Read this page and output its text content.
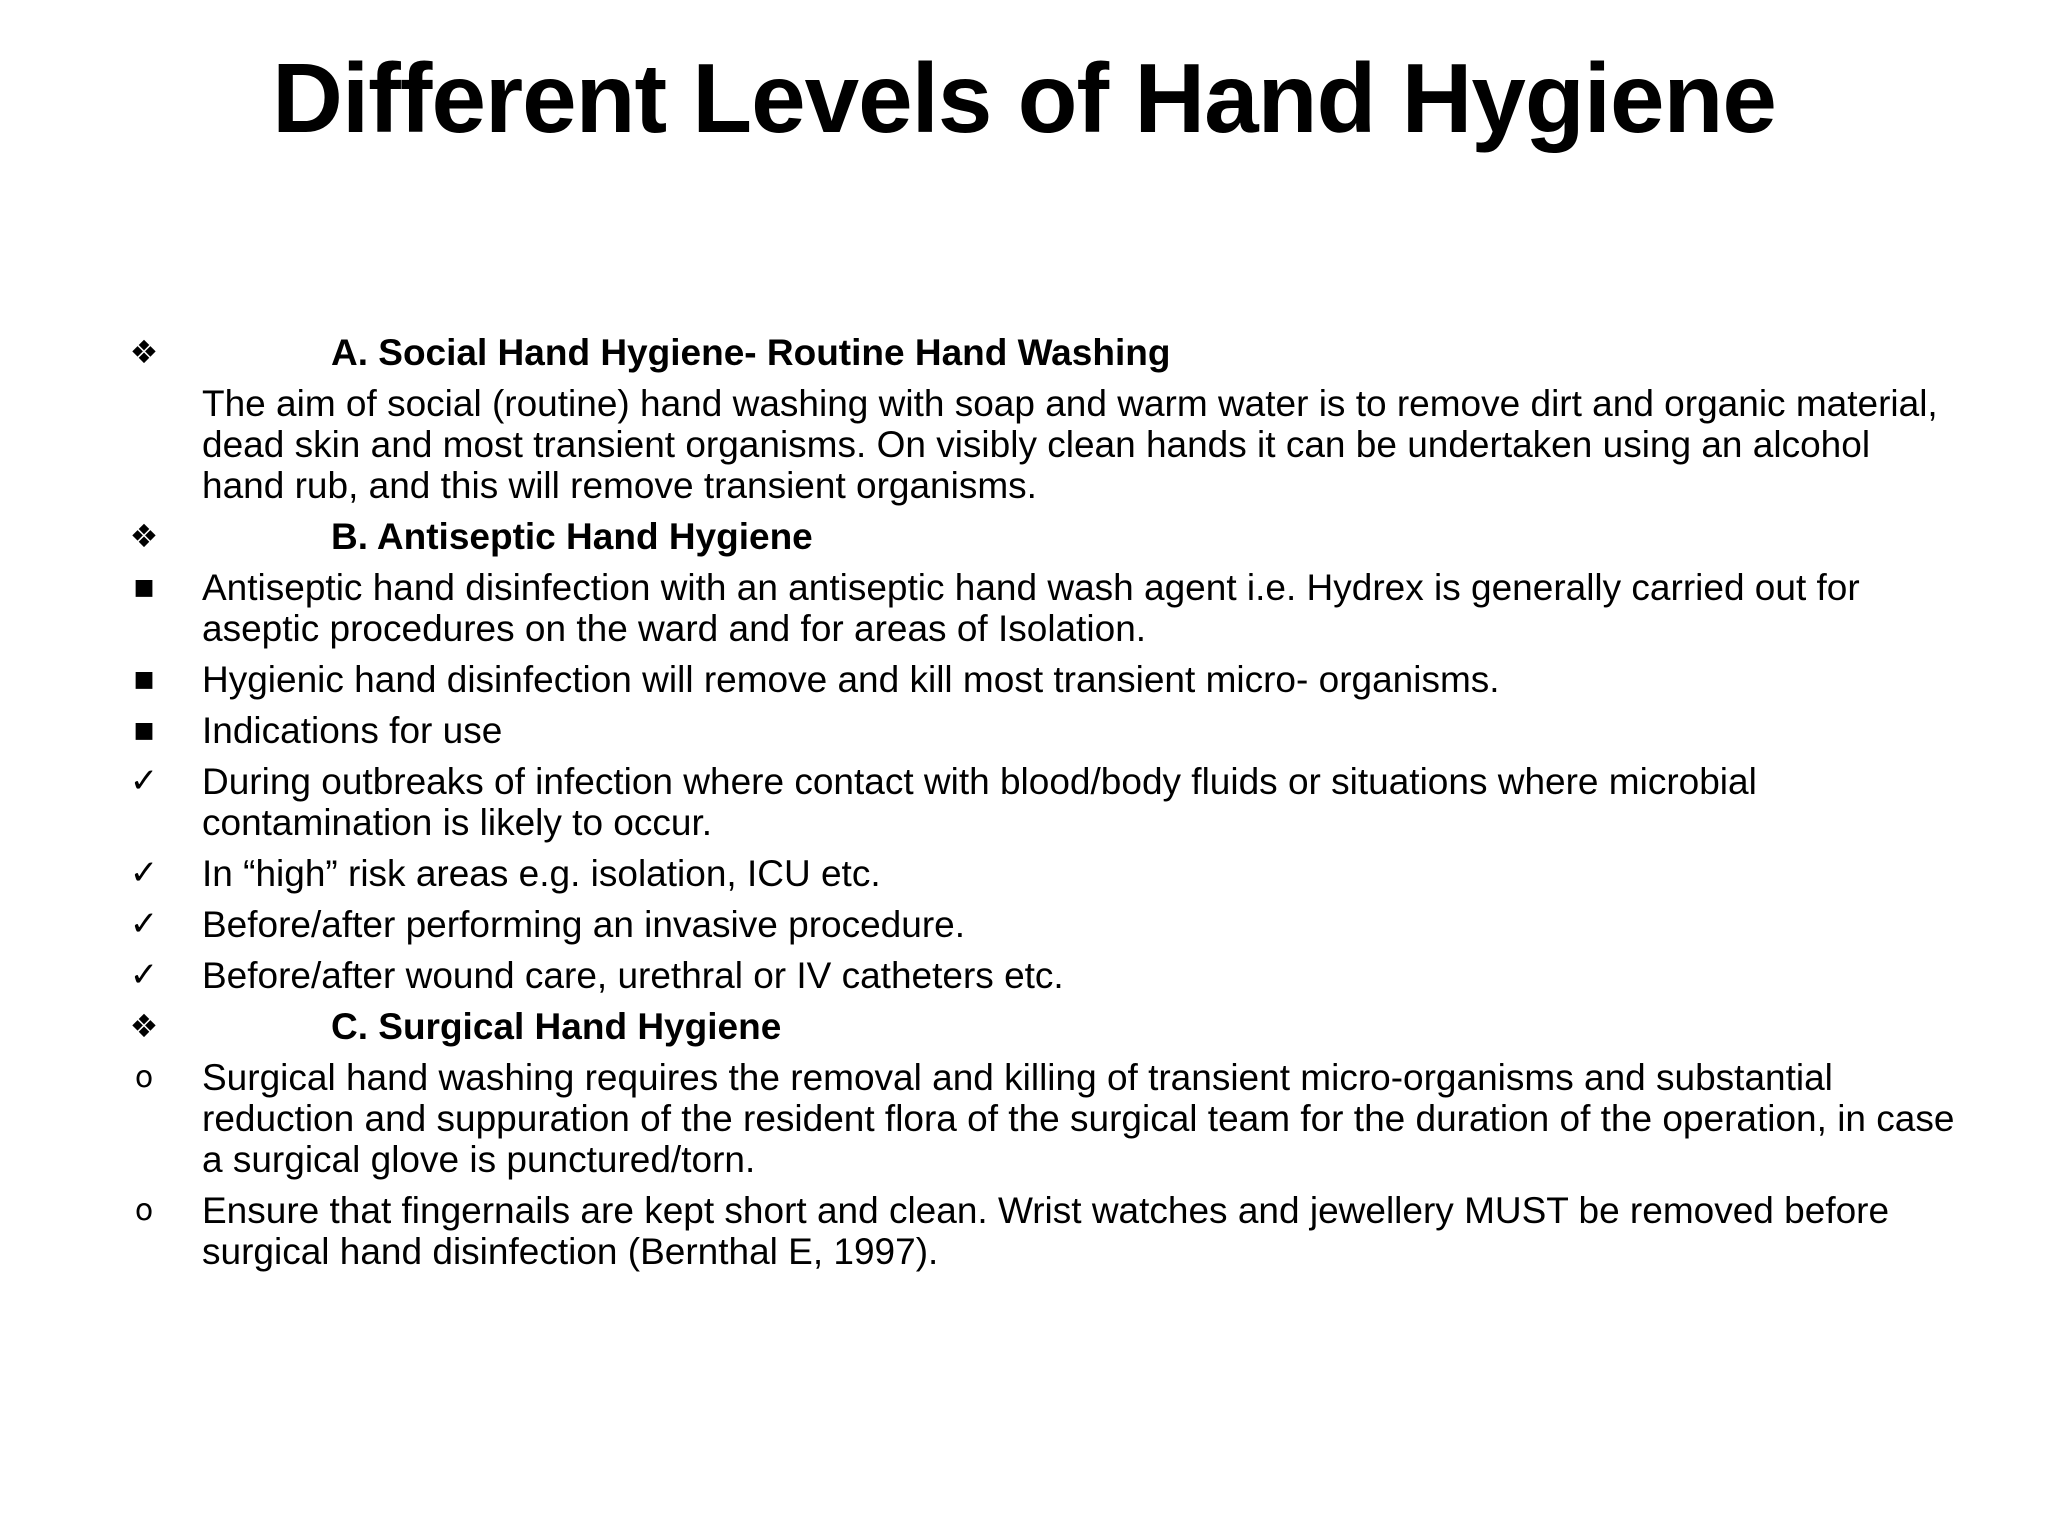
Different Levels of Hand Hygiene
❖	A. Social Hand Hygiene- Routine Hand Washing
The aim of social (routine) hand washing with soap and warm water is to remove dirt and organic material, dead skin and most transient organisms. On visibly clean hands it can be undertaken using an alcohol hand rub, and this will remove transient organisms.
❖	B. Antiseptic Hand Hygiene
■ Antiseptic hand disinfection with an antiseptic hand wash agent i.e. Hydrex is generally carried out for aseptic procedures on the ward and for areas of Isolation.
■ Hygienic hand disinfection will remove and kill most transient micro- organisms.
■ Indications for use
✓ During outbreaks of infection where contact with blood/body fluids or situations where microbial contamination is likely to occur.
✓ In “high” risk areas e.g. isolation, ICU etc.
✓ Before/after performing an invasive procedure.
✓ Before/after wound care, urethral or IV catheters etc.
❖	C. Surgical Hand Hygiene
o Surgical hand washing requires the removal and killing of transient micro-organisms and substantial reduction and suppuration of the resident flora of the surgical team for the duration of the operation, in case a surgical glove is punctured/torn.
o Ensure that fingernails are kept short and clean. Wrist watches and jewellery MUST be removed before surgical hand disinfection (Bernthal E, 1997).
